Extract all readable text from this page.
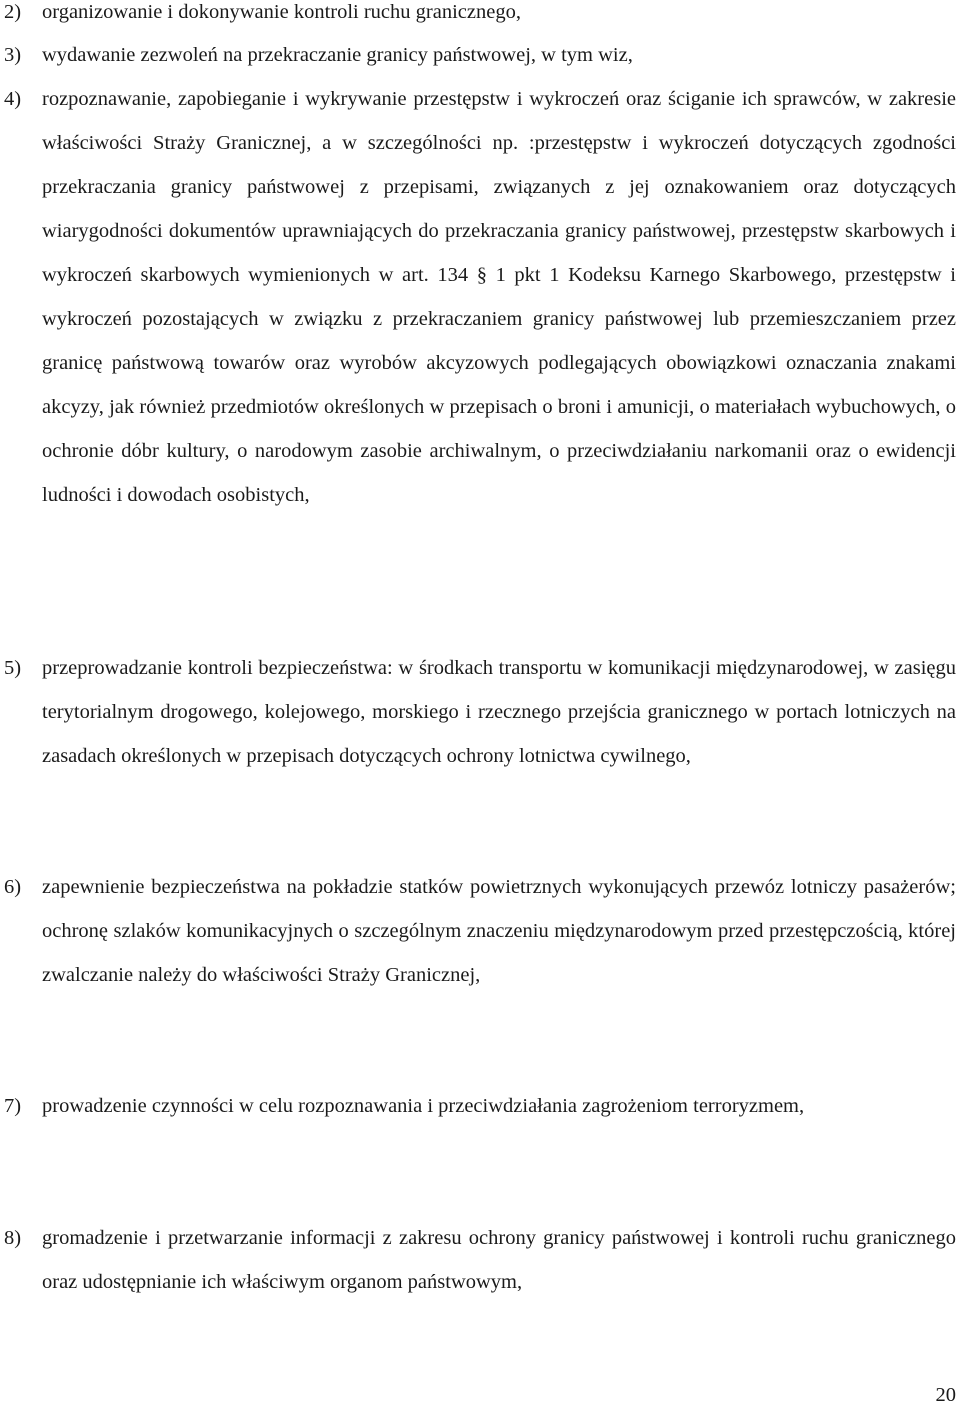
2)	organizowanie i dokonywanie kontroli ruchu granicznego,
3)	wydawanie zezwoleń na przekraczanie granicy państwowej, w tym wiz,
4)	rozpoznawanie, zapobieganie i wykrywanie przestępstw i wykroczeń oraz ściganie ich sprawców, w zakresie właściwości Straży Granicznej, a w szczególności np. :przestępstw i wykroczeń dotyczących zgodności przekraczania granicy państwowej z przepisami, związanych z jej oznakowaniem oraz dotyczących wiarygodności dokumentów uprawniających do przekraczania granicy państwowej, przestępstw skarbowych i wykroczeń skarbowych wymienionych w art. 134 § 1 pkt 1 Kodeksu Karnego Skarbowego, przestępstw i wykroczeń pozostających w związku z przekraczaniem granicy państwowej lub przemieszczaniem przez granicę państwową towarów oraz wyrobów akcyzowych podlegających obowiązkowi oznaczania znakami akcyzy, jak również przedmiotów określonych w przepisach o broni i amunicji, o materiałach wybuchowych, o ochronie dóbr kultury, o narodowym zasobie archiwalnym, o przeciwdziałaniu narkomanii oraz o ewidencji ludności i dowodach osobistych,
5)	przeprowadzanie kontroli bezpieczeństwa: w środkach transportu w komunikacji międzynarodowej, w zasięgu terytorialnym drogowego, kolejowego, morskiego i rzecznego przejścia granicznego w portach lotniczych na zasadach określonych w przepisach dotyczących ochrony lotnictwa cywilnego,
6)	zapewnienie bezpieczeństwa na pokładzie statków powietrznych wykonujących przewóz lotniczy pasażerów; ochronę szlaków komunikacyjnych o szczególnym znaczeniu międzynarodowym przed przestępczością, której zwalczanie należy do właściwości Straży Granicznej,
7)	prowadzenie czynności w celu rozpoznawania i przeciwdziałania zagrożeniom terroryzmem,
8)	gromadzenie i przetwarzanie informacji z zakresu ochrony granicy państwowej i kontroli ruchu granicznego oraz udostępnianie ich właściwym organom państwowym,
20
